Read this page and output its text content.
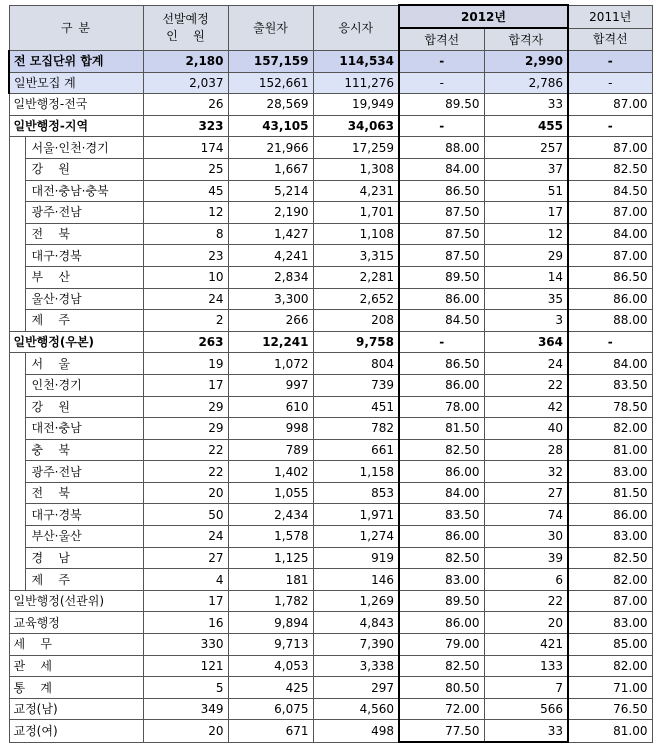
구 분		선발예정
인    원	출원자	응시자	2012년		2011년
					합격선	합격자	합격선
전 모집단위 합계		2,180	157,159	114,534	-	2,990	-
일반모집 계		2,037	152,661	111,276	-	2,786	-
일반행정-전국		26	28,569	19,949	89.50	33	87.00
일반행정-지역		323	43,105	34,063	-	455	-
	서울·인천·경기	174	21,966	17,259	88.00	257	87.00
	강    원	25	1,667	1,308	84.00	37	82.50
	대전·충남·충북	45	5,214	4,231	86.50	51	84.50
	광주·전남	12	2,190	1,701	87.50	17	87.00
	전    북	8	1,427	1,108	87.50	12	84.00
	대구·경북	23	4,241	3,315	87.50	29	87.00
	부    산	10	2,834	2,281	89.50	14	86.50
	울산·경남	24	3,300	2,652	86.00	35	86.00
	제    주	2	266	208	84.50	3	88.00
일반행정(우본)		263	12,241	9,758	-	364	-
	서    울	19	1,072	804	86.50	24	84.00
	인천·경기	17	997	739	86.00	22	83.50
	강    원	29	610	451	78.00	42	78.50
	대전·충남	29	998	782	81.50	40	82.00
	충    북	22	789	661	82.50	28	81.00
	광주·전남	22	1,402	1,158	86.00	32	83.00
	전    북	20	1,055	853	84.00	27	81.50
	대구·경북	50	2,434	1,971	83.50	74	86.00
	부산·울산	24	1,578	1,274	86.00	30	83.00
	경    남	27	1,125	919	82.50	39	82.50
	제    주	4	181	146	83.00	6	82.00
일반행정(선관위)		17	1,782	1,269	89.50	22	87.00
교육행정		16	9,894	4,843	86.00	20	83.00
세    무		330	9,713	7,390	79.00	421	85.00
관    세		121	4,053	3,338	82.50	133	82.00
통    계		5	425	297	80.50	7	71.00
교정(남)		349	6,075	4,560	72.00	566	76.50
교정(여)		20	671	498	77.50	33	81.00
